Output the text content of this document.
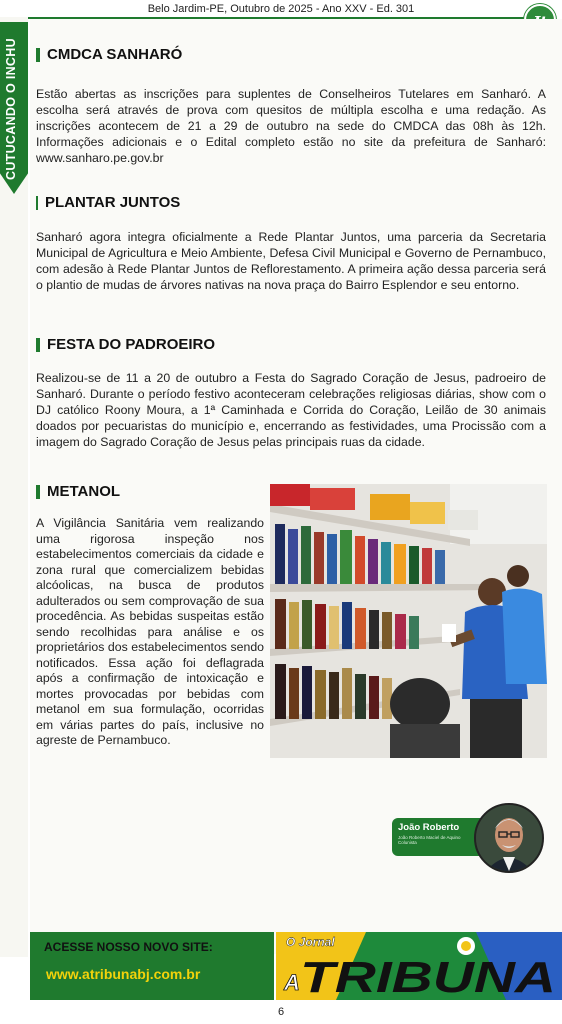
Belo Jardim-PE, Outubro de 2025 - Ano XXV - Ed. 301
CUTUCANDO O INCHU CMDCA SANHARÓ
Estão abertas as inscrições para suplentes de Conselheiros Tutelares em Sanharó. A escolha será através de prova com quesitos de múltipla escolha e uma redação. As inscrições acontecem de 21 a 29 de outubro na sede do CMDCA das 08h às 12h. Informações adicionais e o Edital completo estão no site da prefeitura de Sanharó: www.sanharo.pe.gov.br
PLANTAR JUNTOS
Sanharó agora integra oficialmente a Rede Plantar Juntos, uma parceria da Secretaria Municipal de Agricultura e Meio Ambiente, Defesa Civil Municipal e Governo de Pernambuco, com adesão à Rede Plantar Juntos de Reflorestamento. A primeira ação dessa parceria será o plantio de mudas de árvores nativas na nova praça do Bairro Esplendor e seu entorno.
FESTA DO PADROEIRO
Realizou-se de 11 a 20 de outubro a Festa do Sagrado Coração de Jesus, padroeiro de Sanharó. Durante o período festivo aconteceram celebrações religiosas diárias, show com o DJ católico Roony Moura, a 1ª Caminhada e Corrida do Coração, Leilão de 30 animais doados por pecuaristas do município e, encerrando as festividades, uma Procissão com a imagem do Sagrado Coração de Jesus pelas principais ruas da cidade.
METANOL
A Vigilância Sanitária vem realizando uma rigorosa inspeção nos estabelecimentos comerciais da cidade e zona rural que comercializem bebidas alcóolicas, na busca de produtos adulterados ou sem comprovação de sua procedência. As bebidas suspeitas estão sendo recolhidas para análise e os proprietários dos estabelecimentos sendo notificados. Essa ação foi deflagrada após a confirmação de intoxicação e mortes provocadas por bebidas com metanol em sua formulação, ocorridas em várias partes do país, inclusive no agreste de Pernambuco.
João Roberto
João Roberto Maciel de Aquino Colunista
ACESSE NOSSO NOVO SITE:
www.atribunabj.com.br
O Jornal
A TRIBUNA
6
